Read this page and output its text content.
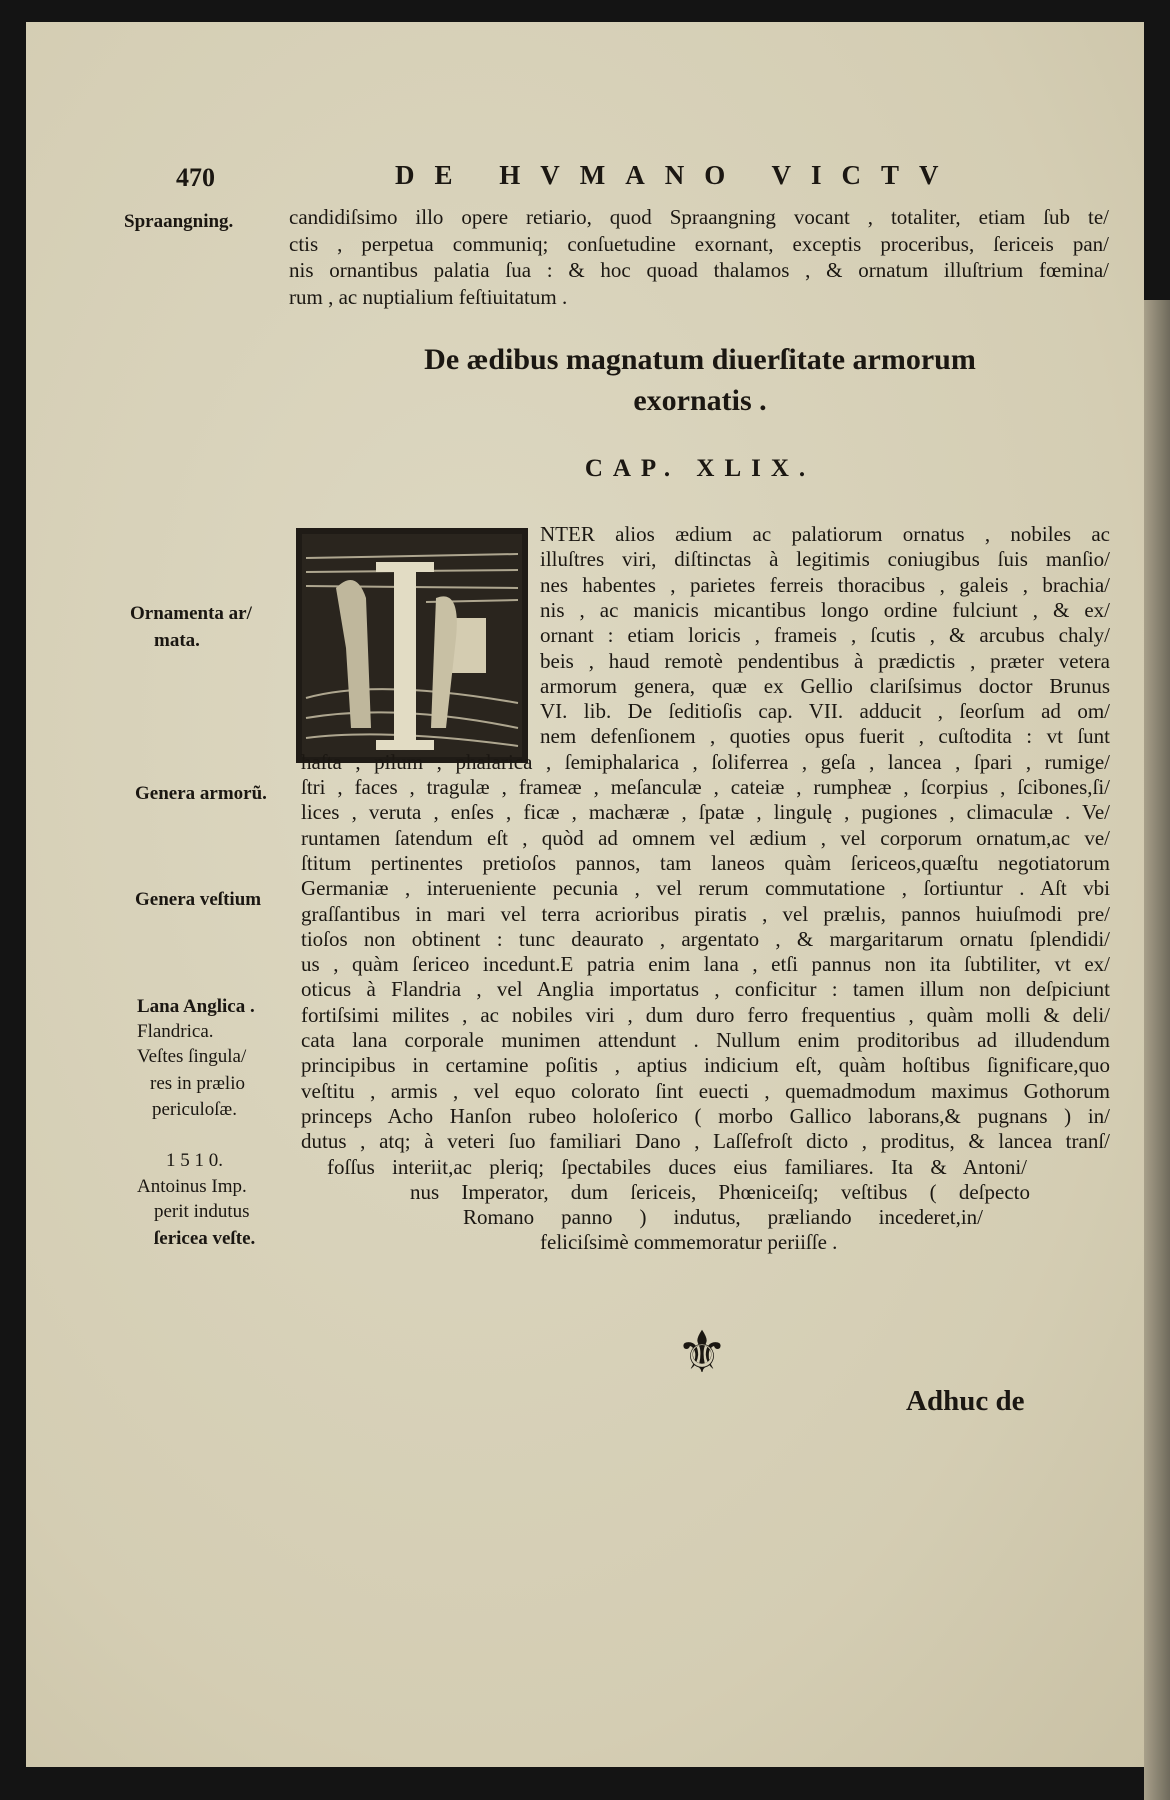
470	DE HVMANO VICTV
Spraangning.	candidiſsimo illo opere retiario, quod Spraangning vocant , totaliter, etiam ſub te/
ctis , perpetua communiq; conſuetudine exornant, exceptis proceribus, ſericeis pan/
nis ornantibus palatia ſua : & hoc quoad thalamos , & ornatum illuſtrium fœmina/
rum , ac nuptialium feſtiuitatum .
De ædibus magnatum diuerſitate armorum
exornatis .
CAP. XLIX.
NTER alios ædium ac palatiorum ornatus , nobiles ac
illuſtres viri, diſtinctas à legitimis coniugibus ſuis manſio/
nes habentes , parietes ferreis thoracibus , galeis , brachia/
nis , ac manicis micantibus longo ordine fulciunt , & ex/
ornant : etiam loricis , frameis , ſcutis , & arcubus chaly/
beis , haud remotè pendentibus à prædictis , præter vetera
armorum genera, quæ ex Gellio clariſsimus doctor Brunus
VI. lib. De ſeditioſis cap. VII. adducit , ſeorſum ad om/
nem defenſionem , quoties opus fuerit , cuſtodita : vt ſunt
haſta , pilum , phalarica , ſemiphalarica , ſoliferrea , geſa , lancea , ſpari , rumige/
ſtri , faces , tragulæ , frameæ , meſanculæ , cateiæ , rumpheæ , ſcorpius , ſcibones,ſi/
lices , veruta , enſes , ficæ , machæræ , ſpatæ , lingulę , pugiones , climaculæ . Ve/
runtamen ſatendum eſt , quòd ad omnem vel ædium , vel corporum ornatum,ac ve/
ſtitum pertinentes pretioſos pannos, tam laneos quàm ſericeos,quæſtu negotiatorum
Germaniæ , interueniente pecunia , vel rerum commutatione , ſortiuntur . Aſt vbi
graſſantibus in mari vel terra acrioribus piratis , vel prælıis, pannos huiuſmodi pre/
tioſos non obtinent : tunc deaurato , argentato , & margaritarum ornatu ſplendidi/
us , quàm ſericeo incedunt.E patria enim lana , etſi pannus non ita ſubtiliter, vt ex/
oticus à Flandria , vel Anglia importatus , conficitur : tamen illum non deſpiciunt
fortiſsimi milites , ac nobiles viri , dum duro ferro frequentius , quàm molli & deli/
cata lana corporale munimen attendunt . Nullum enim proditoribus ad illudendum
principibus in certamine poſitis , aptius indicium eſt, quàm hoſtibus ſignificare,quo
veſtitu , armis , vel equo colorato ſint euecti , quemadmodum maximus Gothorum
princeps Acho Hanſon rubeo holoſerico ( morbo Gallico laborans,& pugnans ) in/
dutus , atq; à veteri ſuo familiari Dano , Laſſefroſt dicto , proditus, & lancea tranſ/
foſſus interiit,ac pleriq; ſpectabiles duces eius familiares. Ita & Antoni/
nus Imperator, dum ſericeis, Phœniceiſq; veſtibus ( deſpecto
Romano panno ) indutus, præliando incederet,in/
feliciſsimè commemoratur periiſſe .
Ornamenta ar/
mata.
Genera armorũ.
Genera veſtium
Lana Anglica .
Flandrica.
Veſtes ſingula/
res in prælio
periculoſæ.
1 5 1 0.
Antoinus Imp.
perit indutus
ſericea veſte.
⚜
Adhuc de
